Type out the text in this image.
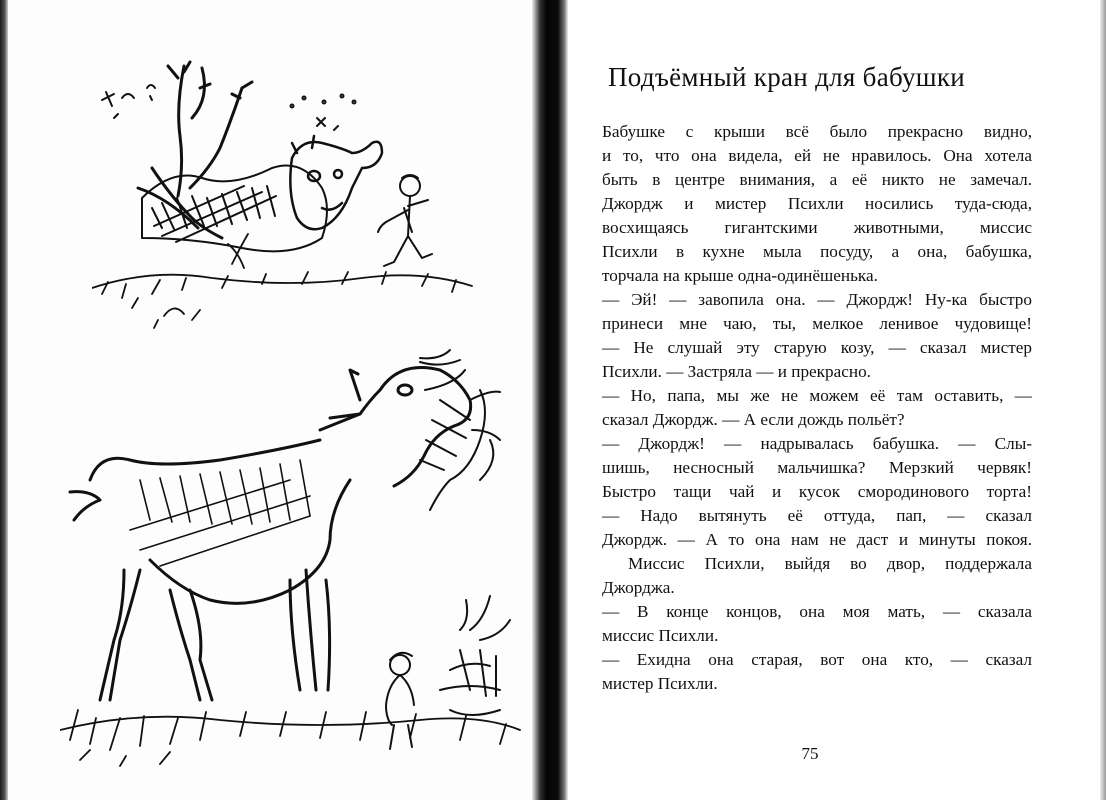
Подъёмный кран для бабушки
Бабушке с крыши всё было прекрасно видно,
и то, что она видела, ей не нравилось. Она хотела
быть в центре внимания, а её никто не замечал.
Джордж и мистер Психли носились туда-сюда,
восхищаясь гигантскими животными, миссис
Психли в кухне мыла посуду, а она, бабушка,
торчала на крыше одна-одинёшенька.
— Эй! — завопила она. — Джордж! Ну-ка быстро
принеси мне чаю, ты, мелкое ленивое чудовище!
— Не слушай эту старую козу, — сказал мистер
Психли. — Застряла — и прекрасно.
— Но, папа, мы же не можем её там оставить, —
сказал Джордж. — А если дождь польёт?
— Джордж! — надрывалась бабушка. — Слы-
шишь, несносный мальчишка? Мерзкий червяк!
Быстро тащи чай и кусок смородинового торта!
— Надо вытянуть её оттуда, пап, — сказал
Джордж. — А то она нам не даст и минуты покоя.
Миссис Психли, выйдя во двор, поддержала
Джорджа.
— В конце концов, она моя мать, — сказала
миссис Психли.
— Ехидна она старая, вот она кто, — сказал
мистер Психли.
75
